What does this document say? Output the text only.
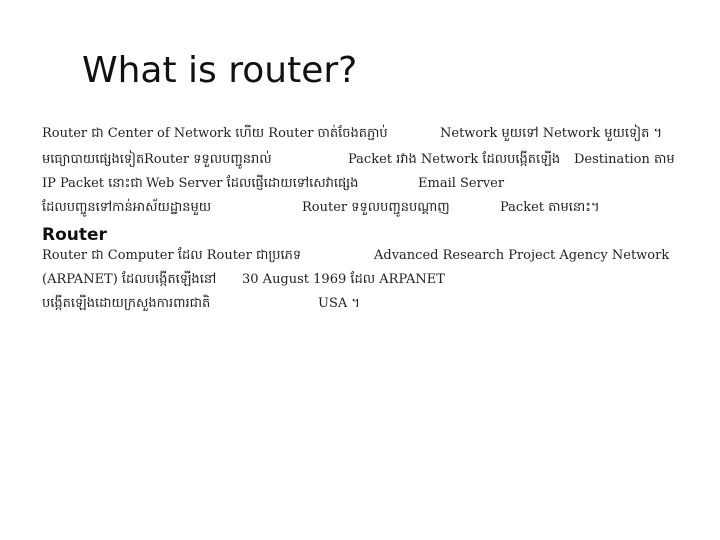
What is router?
Router ជា Center of Network ហើយ Router ចាត់ចែងតភ្ជាប់	Network មួយទៅ Network មួយទៀត ។
មធ្យោបាយផ្សេងទៀត Router ទទួលបញ្ជូនរាល់	Packet រវាង Network ដែលបង្កើតឡើង Destination តាម
IP Packet នោះជា Web Server ដែលផ្ញើដោយទៅសេវាផ្សេង	Email Server
ដែលបញ្ចូនទៅកាន់អាស័យដ្ឋានមួយ	Router ទទួលបញ្ជូនបណ្តាញ	Packet តាមនោះ។
Router
Router ជា Computer ដែល Router ជាប្រភេទ	Advanced Research Project Agency Network
(ARPANET) ដែលបង្កើតឡើងនៅ 30 August 1969 ដែល ARPANET
បង្កើតឡើងដោយក្រសួងការពារជាតិ	USA ។
